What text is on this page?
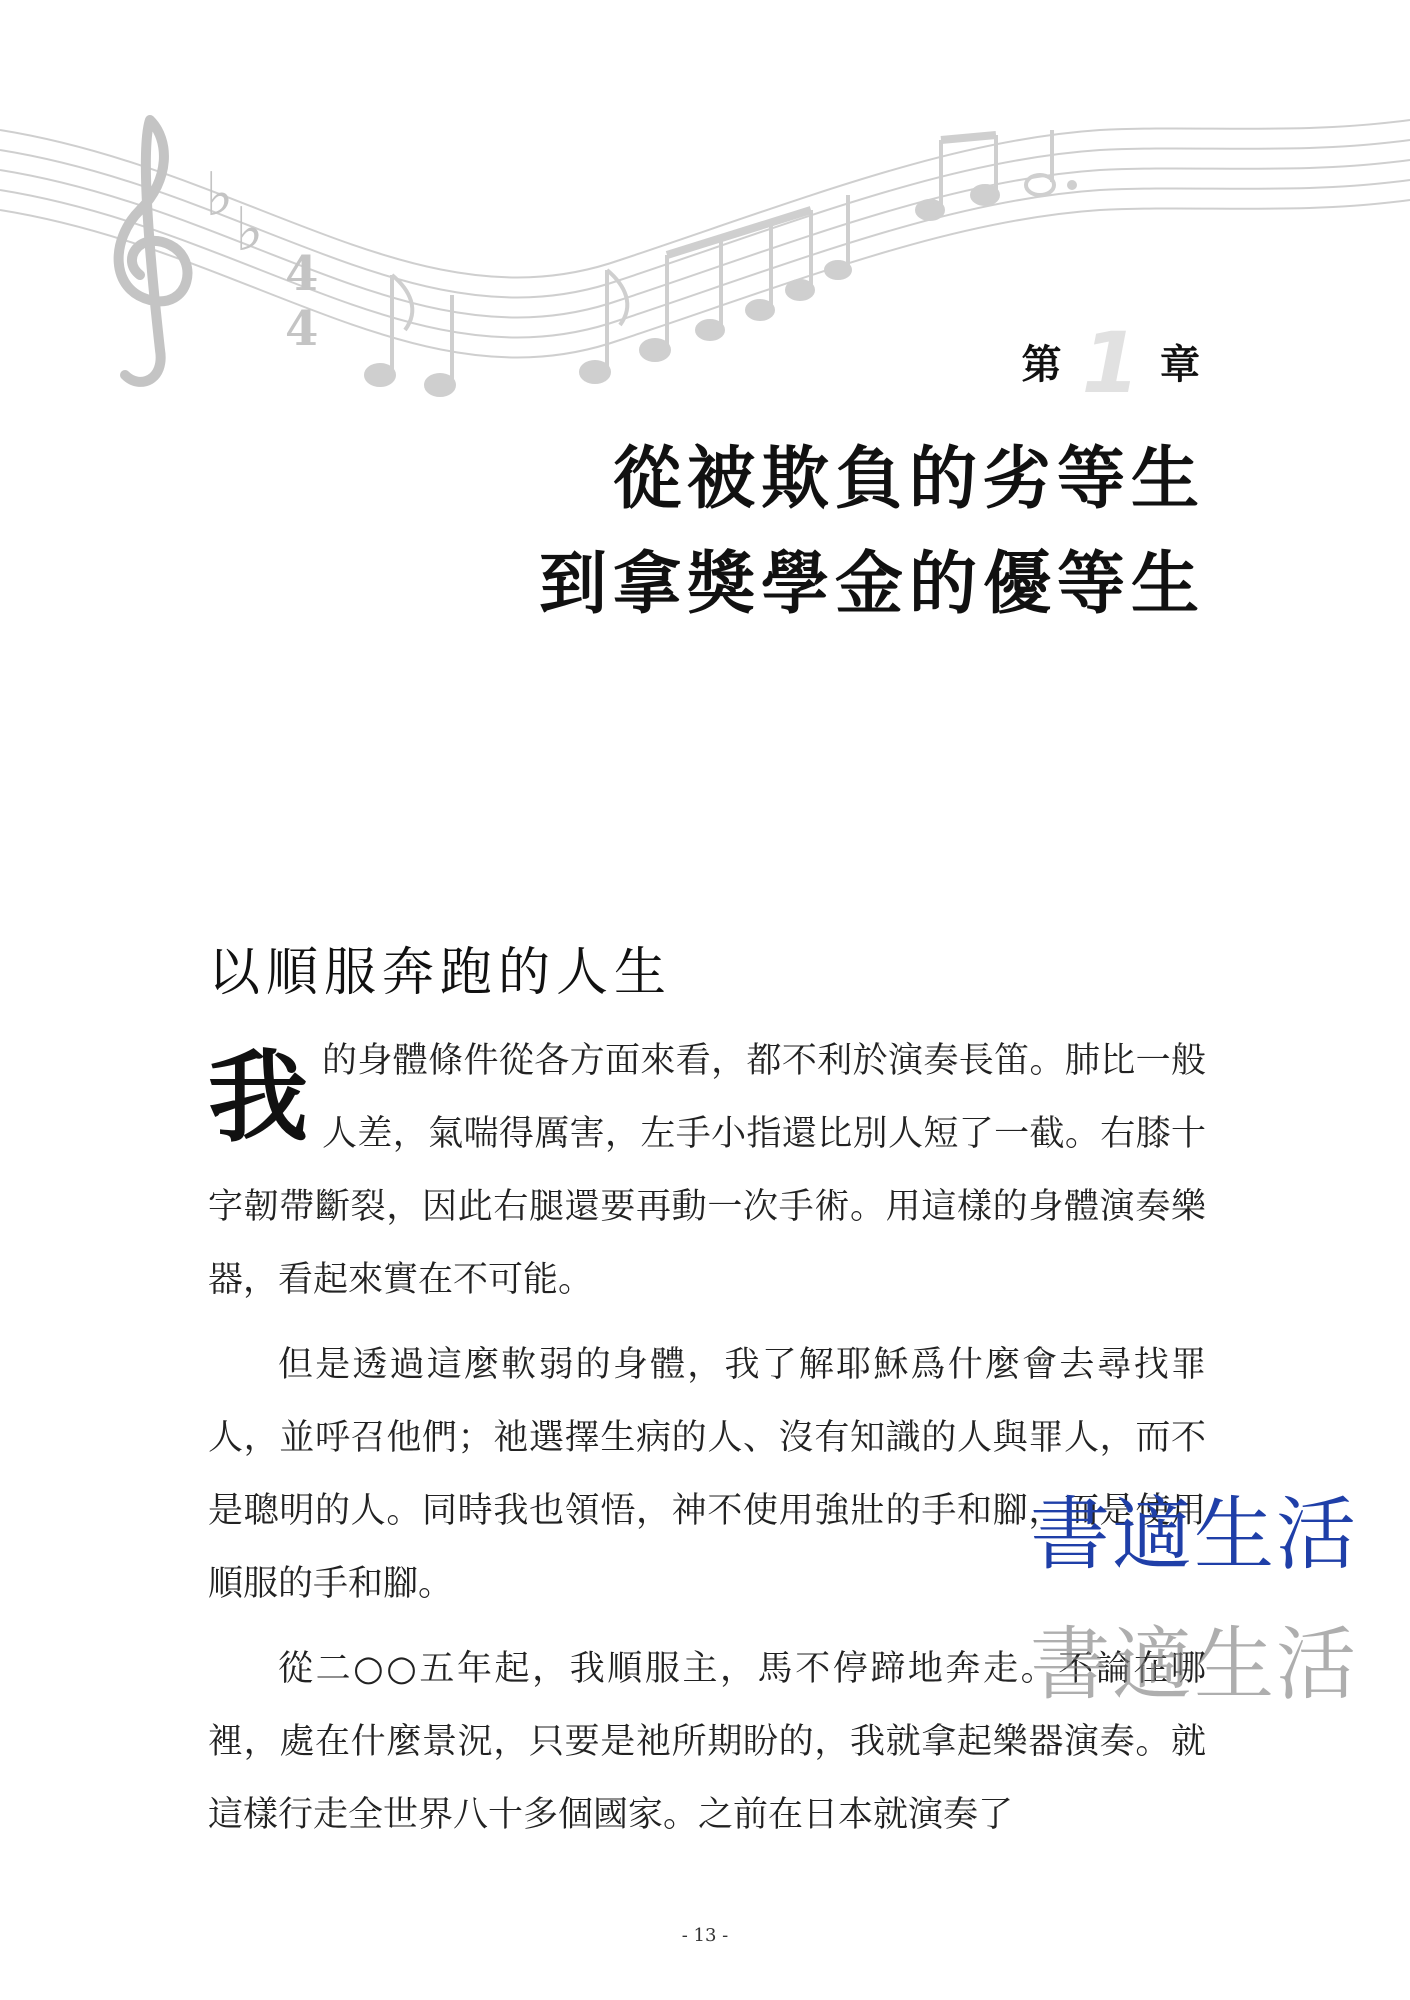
♭ ♭
4
4
第 1 章
從被欺負的劣等生
到拿獎學金的優等生
以順服奔跑的人生

我的身體條件從各方面來看，都不利於演奏長笛。肺比一般人差，氣喘得厲害，左手小指還比別人短了一截。右膝十字韌帶斷裂，因此右腿還要再動一次手術。用這樣的身體演奏樂器，看起來實在不可能。

但是透過這麼軟弱的身體，我了解耶穌爲什麼會去尋找罪人，並呼召他們；祂選擇生病的人、沒有知識的人與罪人，而不是聰明的人。同時我也領悟，神不使用強壯的手和腳，而是使用順服的手和腳。

從二○○五年起，我順服主，馬不停蹄地奔走。不論在哪裡，處在什麼景況，只要是祂所期盼的，我就拿起樂器演奏。就這樣行走全世界八十多個國家。之前在日本就演奏了

書適生活
書適生活
- 13 -
